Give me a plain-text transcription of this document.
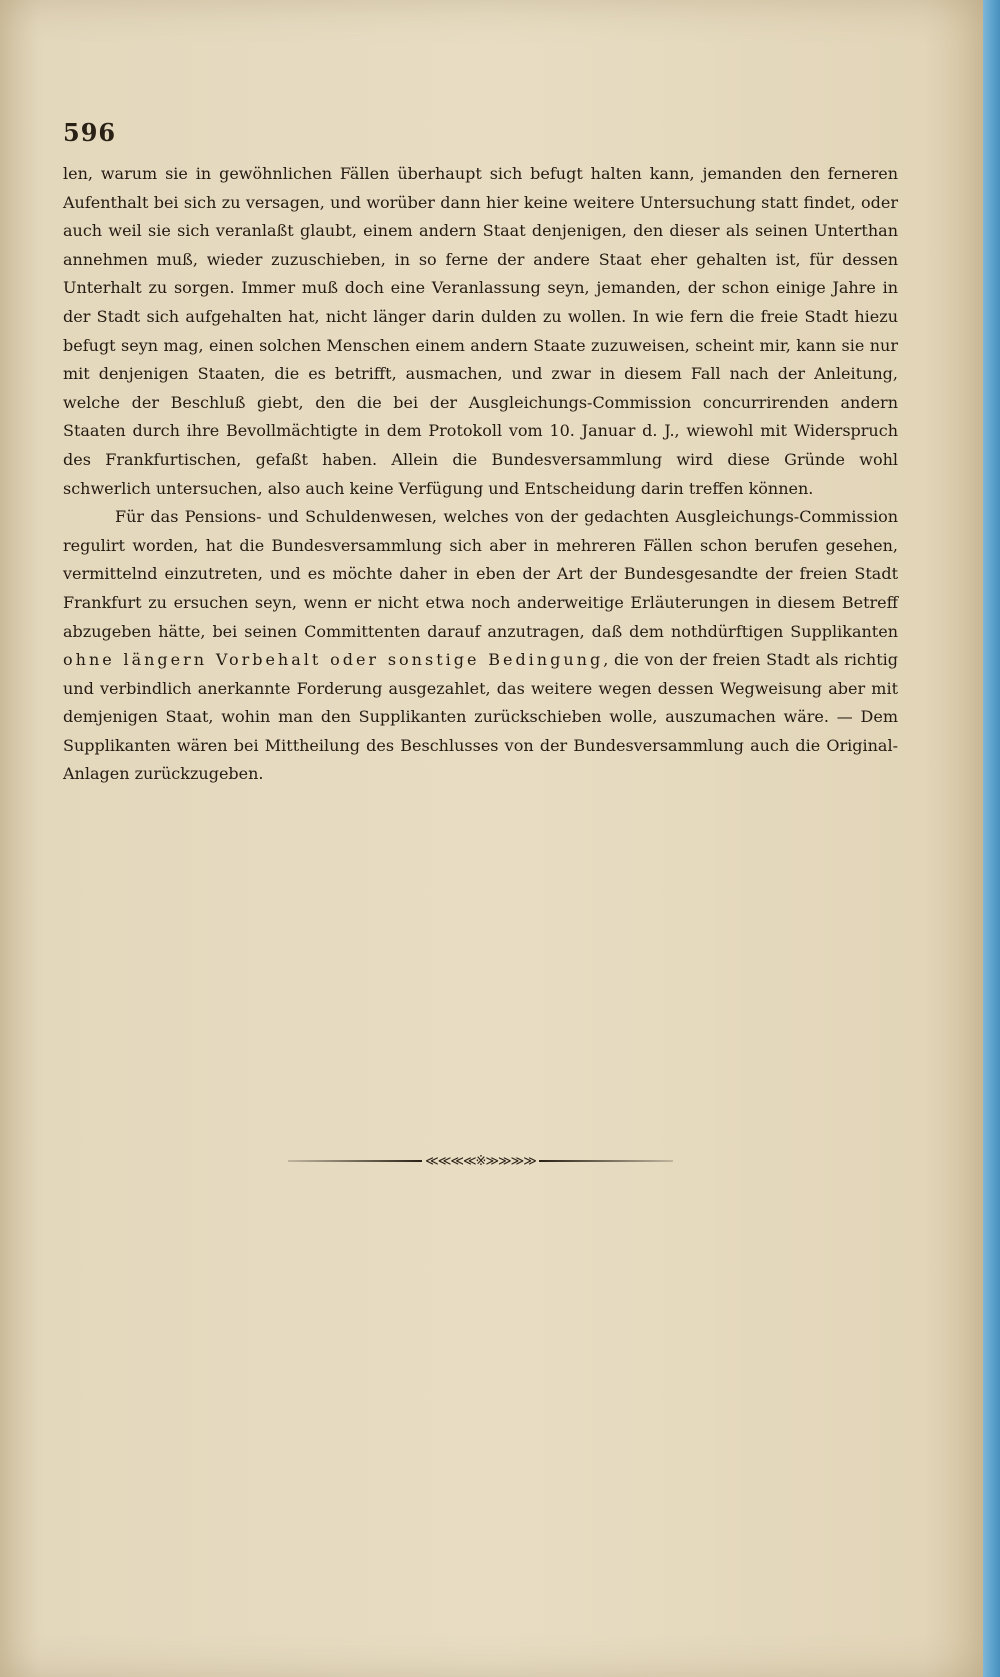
596

len, warum sie in gewöhnlichen Fällen überhaupt sich befugt halten kann, jemanden den ferneren Aufenthalt bei sich zu versagen, und worüber dann hier keine weitere Untersuchung statt findet, oder auch weil sie sich veranlaßt glaubt, einem andern Staat denjenigen, den dieser als seinen Unterthan annehmen muß, wieder zuzuschieben, in so ferne der andere Staat eher gehalten ist, für dessen Unterhalt zu sorgen. Immer muß doch eine Veranlassung seyn, jemanden, der schon einige Jahre in der Stadt sich aufgehalten hat, nicht länger darin dulden zu wollen. In wie fern die freie Stadt hiezu befugt seyn mag, einen solchen Menschen einem andern Staate zuzuweisen, scheint mir, kann sie nur mit denjenigen Staaten, die es betrifft, ausmachen, und zwar in diesem Fall nach der Anleitung, welche der Beschluß giebt, den die bei der Ausgleichungs-Commission concurrirenden andern Staaten durch ihre Bevollmächtigte in dem Protokoll vom 10. Januar d. J., wiewohl mit Widerspruch des Frankfurtischen, gefaßt haben. Allein die Bundesversammlung wird diese Gründe wohl schwerlich untersuchen, also auch keine Verfügung und Entscheidung darin treffen können.

Für das Pensions- und Schuldenwesen, welches von der gedachten Ausgleichungs-Commission regulirt worden, hat die Bundesversammlung sich aber in mehreren Fällen schon berufen gesehen, vermittelnd einzutreten, und es möchte daher in eben der Art der Bundesgesandte der freien Stadt Frankfurt zu ersuchen seyn, wenn er nicht etwa noch anderweitige Erläuterungen in diesem Betreff abzugeben hätte, bei seinen Committenten darauf anzutragen, daß dem nothdürftigen Supplikanten ohne längern Vorbehalt oder sonstige Bedingung, die von der freien Stadt als richtig und verbindlich anerkannte Forderung ausgezahlet, das weitere wegen dessen Wegweisung aber mit demjenigen Staat, wohin man den Supplikanten zurückschieben wolle, auszumachen wäre. — Dem Supplikanten wären bei Mittheilung des Beschlusses von der Bundesversammlung auch die Original-Anlagen zurückzugeben.

≪≪≪≪※≫≫≫≫
